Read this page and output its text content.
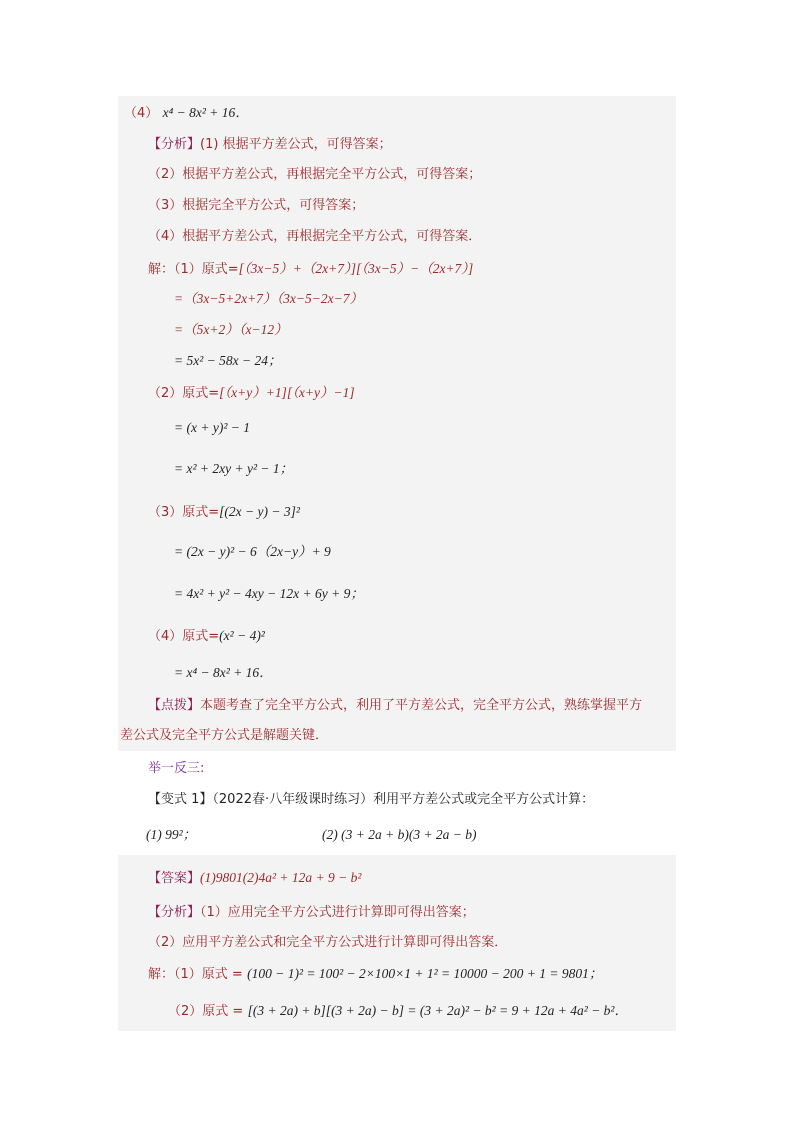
（4） x⁴ − 8x² + 16．
【分析】(1) 根据平方差公式，可得答案；
（2）根据平方差公式，再根据完全平方公式，可得答案；
（3）根据完全平方公式，可得答案；
（4）根据平方差公式，再根据完全平方公式，可得答案．
解：（1）原式=[（3x−5）+（2x+7）][（3x−5）−（2x+7）]
=（3x−5+2x+7）（3x−5−2x−7）
=（5x+2）（x−12）
= 5x² − 58x − 24；
（2）原式=[（x+y）+1][（x+y）−1]
= (x + y)² − 1
= x² + 2xy + y² − 1；
（3）原式=[(2x − y) − 3]²
= (2x − y)² − 6（2x−y）+ 9
= 4x² + y² − 4xy − 12x + 6y + 9；
（4）原式=(x² − 4)²
= x⁴ − 8x² + 16．
【点拨】本题考查了完全平方公式，利用了平方差公式，完全平方公式，熟练掌握平方
差公式及完全平方公式是解题关键．
举一反三:
【变式 1】（2022春·八年级课时练习）利用平方差公式或完全平方公式计算：
(1) 99²；	(2) (3 + 2a + b)(3 + 2a − b)
【答案】(1)9801(2)4a² + 12a + 9 − b²
【分析】（1）应用完全平方公式进行计算即可得出答案；
（2）应用平方差公式和完全平方公式进行计算即可得出答案．
解：（1）原式 = (100 − 1)² = 100² − 2×100×1 + 1² = 10000 − 200 + 1 = 9801；
（2）原式 = [(3 + 2a) + b][(3 + 2a) − b] = (3 + 2a)² − b² = 9 + 12a + 4a² − b²．
